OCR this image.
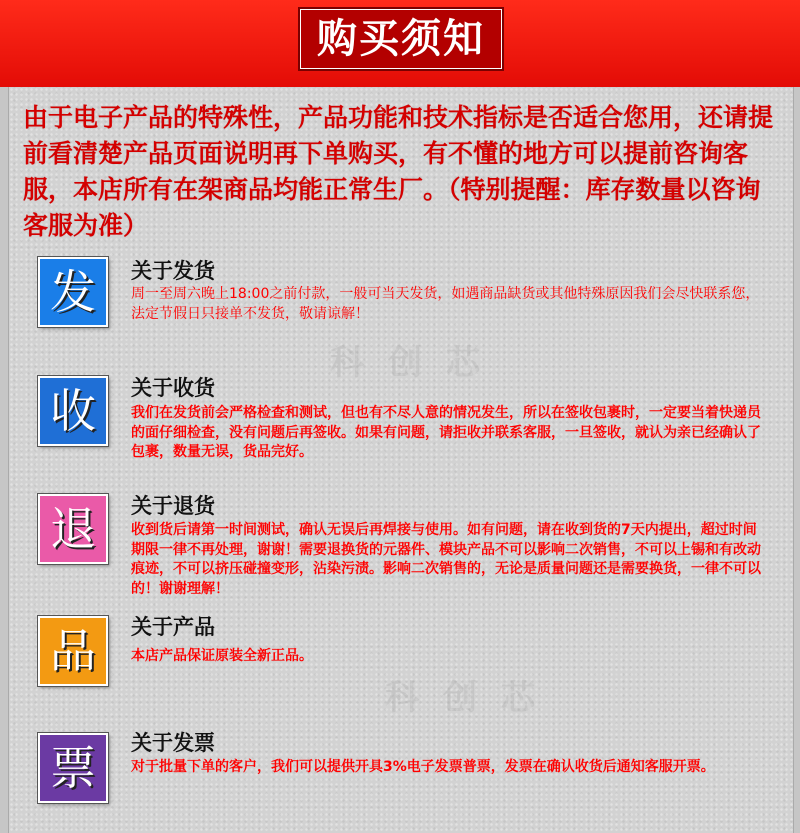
购买须知
由于电子产品的特殊性，产品功能和技术指标是否适合您用，还请提前看清楚产品页面说明再下单购买，有不懂的地方可以提前咨询客服，本店所有在架商品均能正常生厂。（特别提醒：库存数量以咨询客服为准）
科创芯
科创芯
发	关于发货
周一至周六晚上18:00之前付款，一般可当天发货，如遇商品缺货或其他特殊原因我们会尽快联系您，法定节假日只接单不发货，敬请谅解！
收	关于收货
我们在发货前会严格检查和测试，但也有不尽人意的情况发生，所以在签收包裹时，一定要当着快递员的面仔细检查，没有问题后再签收。如果有问题，请拒收并联系客服，一旦签收，就认为亲已经确认了包裹，数量无误，货品完好。
退	关于退货
收到货后请第一时间测试，确认无误后再焊接与使用。如有问题，请在收到货的7天内提出，超过时间期限一律不再处理，谢谢！需要退换货的元器件、模块产品不可以影响二次销售，不可以上锡和有改动痕迹，不可以挤压碰撞变形，沾染污渍。影响二次销售的，无论是质量问题还是需要换货，一律不可以的！谢谢理解！
品	关于产品
本店产品保证原装全新正品。
票	关于发票
对于批量下单的客户，我们可以提供开具3%电子发票普票，发票在确认收货后通知客服开票。
